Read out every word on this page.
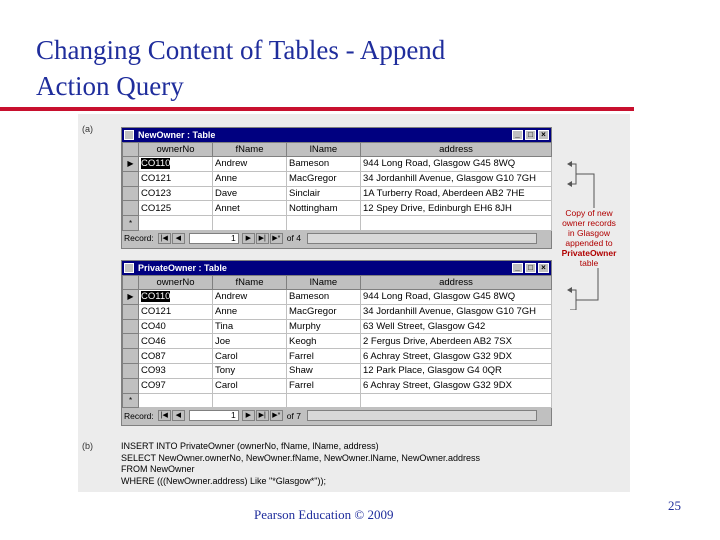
Changing Content of Tables - Append
Action Query
(a)
(b)
NewOwner : Table	_	□	×
	ownerNo	fName	lName	address
▶	CO110	Andrew	Bameson	944 Long Road, Glasgow G45 8WQ
	CO121	Anne	MacGregor	34 Jordanhill Avenue, Glasgow G10 7GH
	CO123	Dave	Sinclair	1A Turberry Road, Aberdeen AB2 7HE
	CO125	Annet	Nottingham	12 Spey Drive, Edinburgh EH6 8JH
*				
Record: |◀	◀	1	▶	▶| ▶* of 4
PrivateOwner : Table	_	□	×
	ownerNo	fName	lName	address
▶	CO110	Andrew	Bameson	944 Long Road, Glasgow G45 8WQ
	CO121	Anne	MacGregor	34 Jordanhill Avenue, Glasgow G10 7GH
	CO40	Tina	Murphy	63 Well Street, Glasgow G42
	CO46	Joe	Keogh	2 Fergus Drive, Aberdeen AB2 7SX
	CO87	Carol	Farrel	6 Achray Street, Glasgow G32 9DX
	CO93	Tony	Shaw	12 Park Place, Glasgow G4 0QR
	CO97	Carol	Farrel	6 Achray Street, Glasgow G32 9DX
*				
Record: |◀	◀	1	▶	▶| ▶* of 7
Copy of new
owner records
in Glasgow
appended to
PrivateOwner
table
INSERT INTO PrivateOwner (ownerNo, fName, lName, address)
SELECT NewOwner.ownerNo, NewOwner.fName, NewOwner.lName, NewOwner.address
FROM NewOwner
WHERE (((NewOwner.address) Like "*Glasgow*"));
Pearson Education © 2009
25
